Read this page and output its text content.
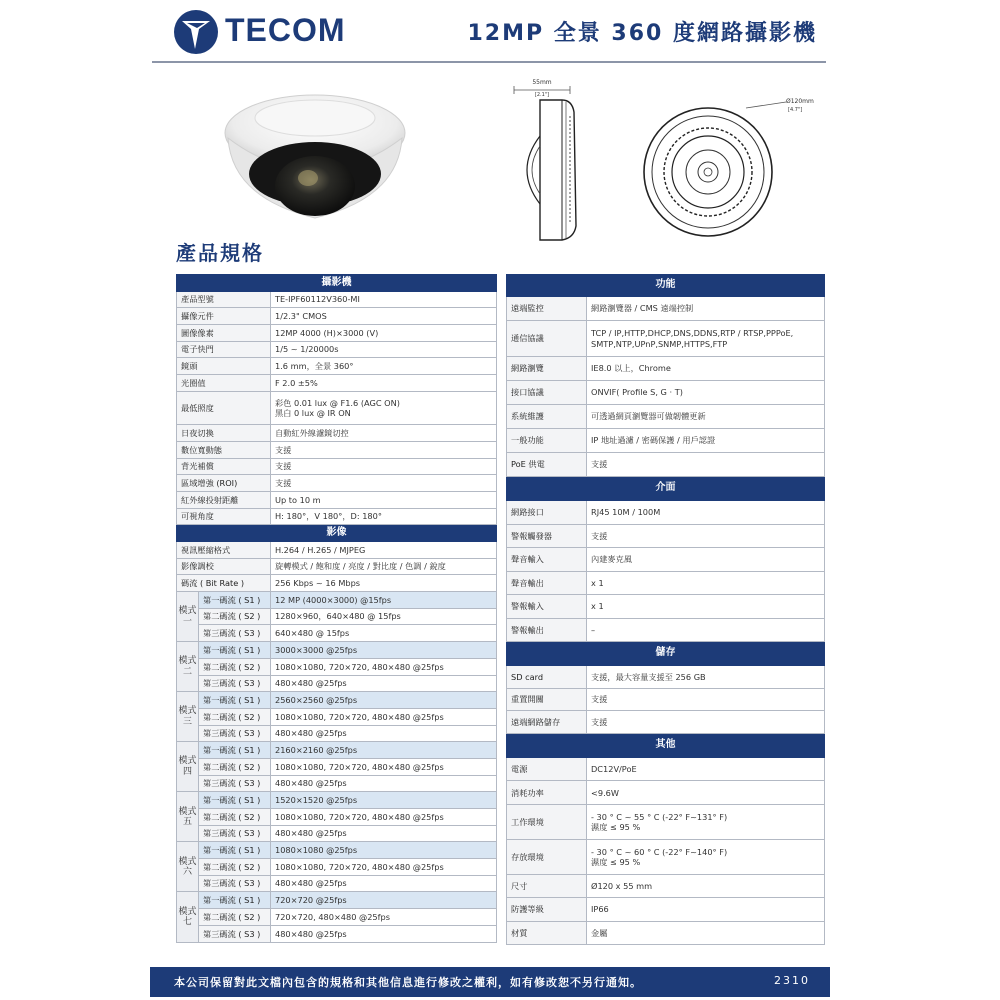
TECOM	12MP 全景 360 度網路攝影機
55mm
[2.1"]
Ø120mm
[4.7"]
產品規格
攝影機		
產品型號		TE-IPF60112V360-MI
攝像元件		1/2.3" CMOS
圖像像素		12MP 4000 (H)×3000 (V)
電子快門		1/5 ~ 1/20000s
鏡頭		1.6 mm，全景 360°
光圈值		F 2.0 ±5%
最低照度		彩色 0.01 lux @ F1.6 (AGC ON)
黑白 0 lux @ IR ON

日夜切換		自動紅外線濾鏡切控
數位寬動態		支援
背光補償		支援
區域增強 (ROI)		支援
紅外線投射距離		Up to 10 m
可視角度		H: 180°，V 180°，D: 180°
影像		
視訊壓縮格式		H.264 / H.265 / MJPEG
影像調校		旋轉模式 / 飽和度 / 亮度 / 對比度 / 色調 / 銳度
碼流 ( Bit Rate )		256 Kbps ~ 16 Mbps
模式一	第一碼流 ( S1 )	12 MP (4000×3000) @15fps
	第二碼流 ( S2 )	1280×960，640×480 @ 15fps
	第三碼流 ( S3 )	640×480 @ 15fps
模式二	第一碼流 ( S1 )	3000×3000 @25fps
	第二碼流 ( S2 )	1080×1080, 720×720, 480×480 @25fps
	第三碼流 ( S3 )	480×480 @25fps
模式三	第一碼流 ( S1 )	2560×2560 @25fps
	第二碼流 ( S2 )	1080×1080, 720×720, 480×480 @25fps
	第三碼流 ( S3 )	480×480 @25fps
模式四	第一碼流 ( S1 )	2160×2160 @25fps
	第二碼流 ( S2 )	1080×1080, 720×720, 480×480 @25fps
	第三碼流 ( S3 )	480×480 @25fps
模式五	第一碼流 ( S1 )	1520×1520 @25fps
	第二碼流 ( S2 )	1080×1080, 720×720, 480×480 @25fps
	第三碼流 ( S3 )	480×480 @25fps
模式六	第一碼流 ( S1 )	1080×1080 @25fps
	第二碼流 ( S2 )	1080×1080, 720×720, 480×480 @25fps
	第三碼流 ( S3 )	480×480 @25fps
模式七	第一碼流 ( S1 )	720×720 @25fps
	第二碼流 ( S2 )	720×720, 480×480 @25fps
	第三碼流 ( S3 )	480×480 @25fps
功能	
遠端監控	網路瀏覽器 / CMS 遠端控制
通信協議	TCP / IP,HTTP,DHCP,DNS,DDNS,RTP / RTSP,PPPoE,
SMTP,NTP,UPnP,SNMP,HTTPS,FTP

網路瀏覽	IE8.0 以上，Chrome
接口協議	ONVIF( Profile S, G · T)
系統維護	可透過網頁瀏覽器可做韌體更新
一般功能	IP 地址過濾 / 密碼保護 / 用戶認證
PoE 供電	支援
介面	
網路接口	RJ45 10M / 100M
警報觸發器	支援
聲音輸入	內建麥克風
聲音輸出	x 1
警報輸入	x 1
警報輸出	–
儲存	
SD card	支援，最大容量支援至 256 GB
重置開關	支援
遠端網路儲存	支援
其他	
電源	DC12V/PoE
消耗功率	<9.6W
工作環境	- 30 ° C ~ 55 ° C (-22° F~131° F)
濕度 ≤ 95 %

存放環境	- 30 ° C ~ 60 ° C (-22° F~140° F)
濕度 ≤ 95 %

尺寸	Ø120 x 55 mm
防護等級	IP66
材質	金屬
本公司保留對此文檔內包含的規格和其他信息進行修改之權利，如有修改恕不另行通知。	2310
